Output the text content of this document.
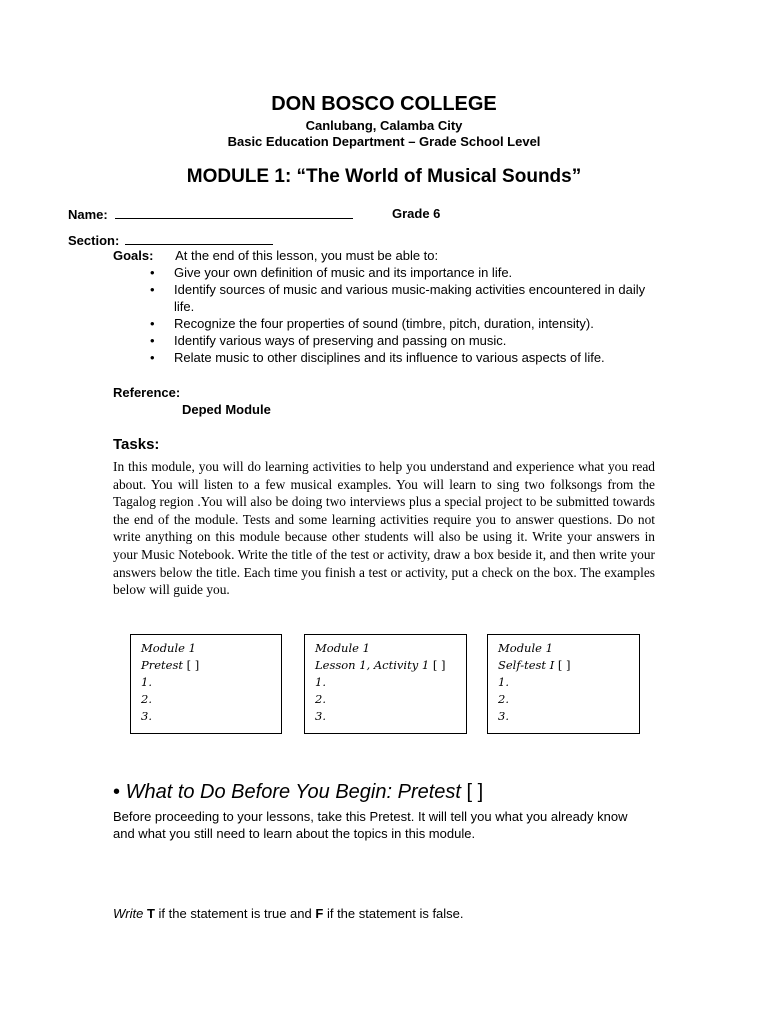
DON BOSCO COLLEGE
Canlubang, Calamba City
Basic Education Department – Grade School Level
MODULE 1: “The World of Musical Sounds”
Name:	Grade 6
Section:
Goals: At the end of this lesson, you must be able to:
• Give your own definition of music and its importance in life.
• Identify sources of music and various music-making activities encountered in daily life.
• Recognize the four properties of sound (timbre, pitch, duration, intensity).
• Identify various ways of preserving and passing on music.
• Relate music to other disciplines and its influence to various aspects of life.
Reference:
Deped Module
Tasks:

In this module, you will do learning activities to help you understand and experience what you read about. You will listen to a few musical examples. You will learn to sing two folksongs from the Tagalog region .You will also be doing two interviews plus a special project to be submitted towards the end of the module. Tests and some learning activities require you to answer questions. Do not write anything on this module because other students will also be using it. Write your answers in your Music Notebook. Write the title of the test or activity, draw a box beside it, and then write your answers below the title. Each time you finish a test or activity, put a check on the box. The examples below will guide you.

Module 1
Pretest [ ]
1.
2.
3.
Module 1
Lesson 1, Activity 1 [ ]
1.
2.
3.
Module 1
Self-test I [ ]
1.
2.
3.
• What to Do Before You Begin: Pretest [ ]

Before proceeding to your lessons, take this Pretest. It will tell you what you already know and what you still need to learn about the topics in this module.

Write T if the statement is true and F if the statement is false.
